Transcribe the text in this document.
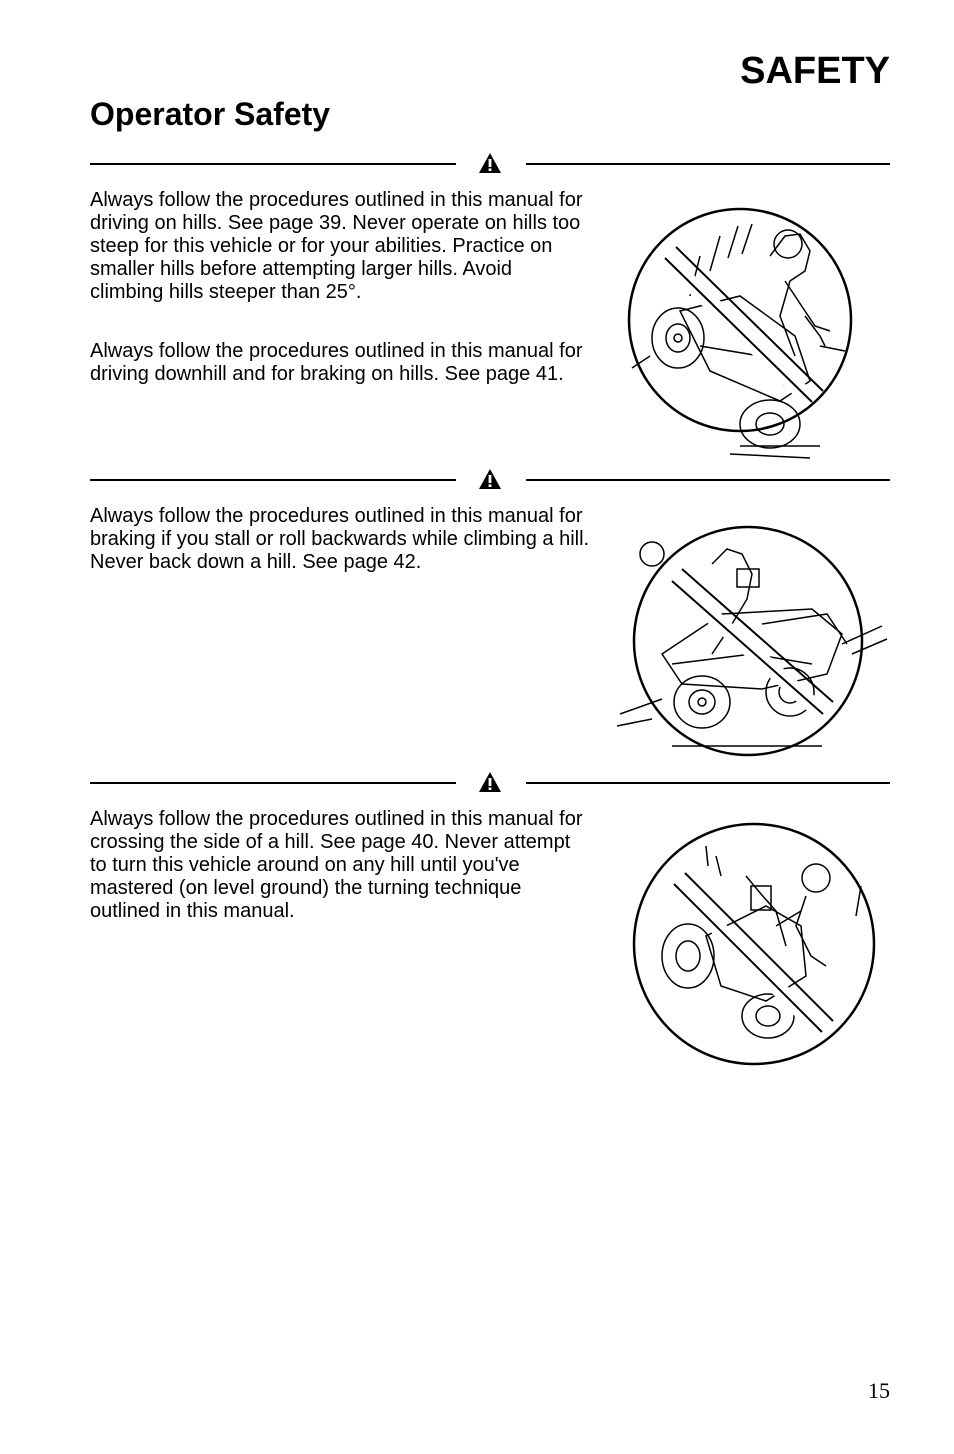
SAFETY
Operator Safety

Always follow the procedures outlined in this manual for driving on hills. See page 39. Never operate on hills too steep for this vehicle or for your abilities. Practice on smaller hills before attempting larger hills. Avoid climbing hills steeper than 25°.

Always follow the procedures outlined in this manual for driving downhill and for braking on hills. See page 41.

Always follow the procedures outlined in this manual for braking if you stall or roll backwards while climbing a hill. Never back down a hill. See page 42.

Always follow the procedures outlined in this manual for crossing the side of a hill. See page 40. Never attempt to turn this vehicle around on any hill until you've mastered (on level ground) the turning technique outlined in this manual.

15
